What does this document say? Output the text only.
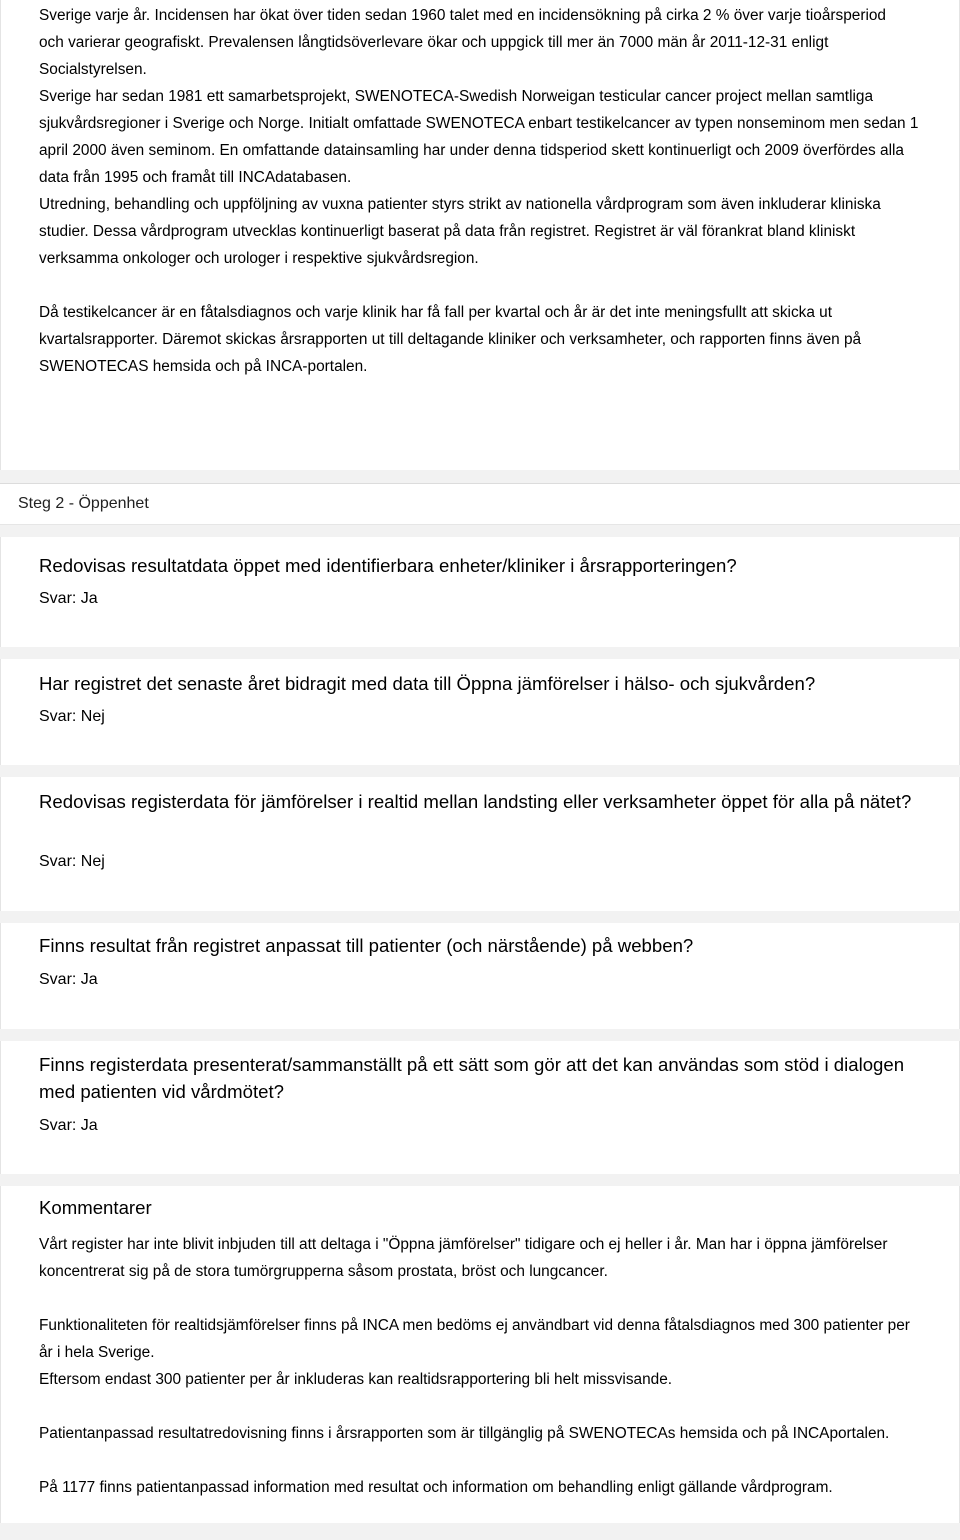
Sverige varje år. Incidensen har ökat över tiden sedan 1960 talet med en incidensökning på cirka 2 % över varje tioårsperiod och varierar geografiskt. Prevalensen långtidsöverlevare ökar och uppgick till mer än 7000 män år 2011-12-31 enligt Socialstyrelsen.

Sverige har sedan 1981 ett samarbetsprojekt, SWENOTECA-Swedish Norweigan testicular cancer project mellan samtliga sjukvårdsregioner i Sverige och Norge. Initialt omfattade SWENOTECA enbart testikelcancer av typen nonseminom men sedan 1 april 2000 även seminom. En omfattande datainsamling har under denna tidsperiod skett kontinuerligt och 2009 överfördes alla data från 1995 och framåt till INCAdatabasen.

Utredning, behandling och uppföljning av vuxna patienter styrs strikt av nationella vårdprogram som även inkluderar kliniska studier. Dessa vårdprogram utvecklas kontinuerligt baserat på data från registret. Registret är väl förankrat bland kliniskt verksamma onkologer och urologer i respektive sjukvårdsregion.

Då testikelcancer är en fåtalsdiagnos och varje klinik har få fall per kvartal och år är det inte meningsfullt att skicka ut kvartalsrapporter. Däremot skickas årsrapporten ut till deltagande kliniker och verksamheter, och rapporten finns även på SWENOTECAS hemsida och på INCA-portalen.

Steg 2 - Öppenhet

Redovisas resultatdata öppet med identifierbara enheter/kliniker i årsrapporteringen?

Svar: Ja

Har registret det senaste året bidragit med data till Öppna jämförelser i hälso- och sjukvården?

Svar: Nej

Redovisas registerdata för jämförelser i realtid mellan landsting eller verksamheter öppet för alla på nätet?

Svar: Nej

Finns resultat från registret anpassat till patienter (och närstående) på webben?

Svar: Ja

Finns registerdata presenterat/sammanställt på ett sätt som gör att det kan användas som stöd i dialogen med patienten vid vårdmötet?

Svar: Ja
Kommentarer

Vårt register har inte blivit inbjuden till att deltaga i "Öppna jämförelser" tidigare och ej heller i år. Man har i öppna jämförelser koncentrerat sig på de stora tumörgrupperna såsom prostata, bröst och lungcancer.

Funktionaliteten för realtidsjämförelser finns på INCA men bedöms ej användbart vid denna fåtalsdiagnos med 300 patienter per år i hela Sverige.

Eftersom endast 300 patienter per år inkluderas kan realtidsrapportering bli helt missvisande.

Patientanpassad resultatredovisning finns i årsrapporten som är tillgänglig på SWENOTECAs hemsida och på INCAportalen.

På 1177 finns patientanpassad information med resultat och information om behandling enligt gällande vårdprogram.
